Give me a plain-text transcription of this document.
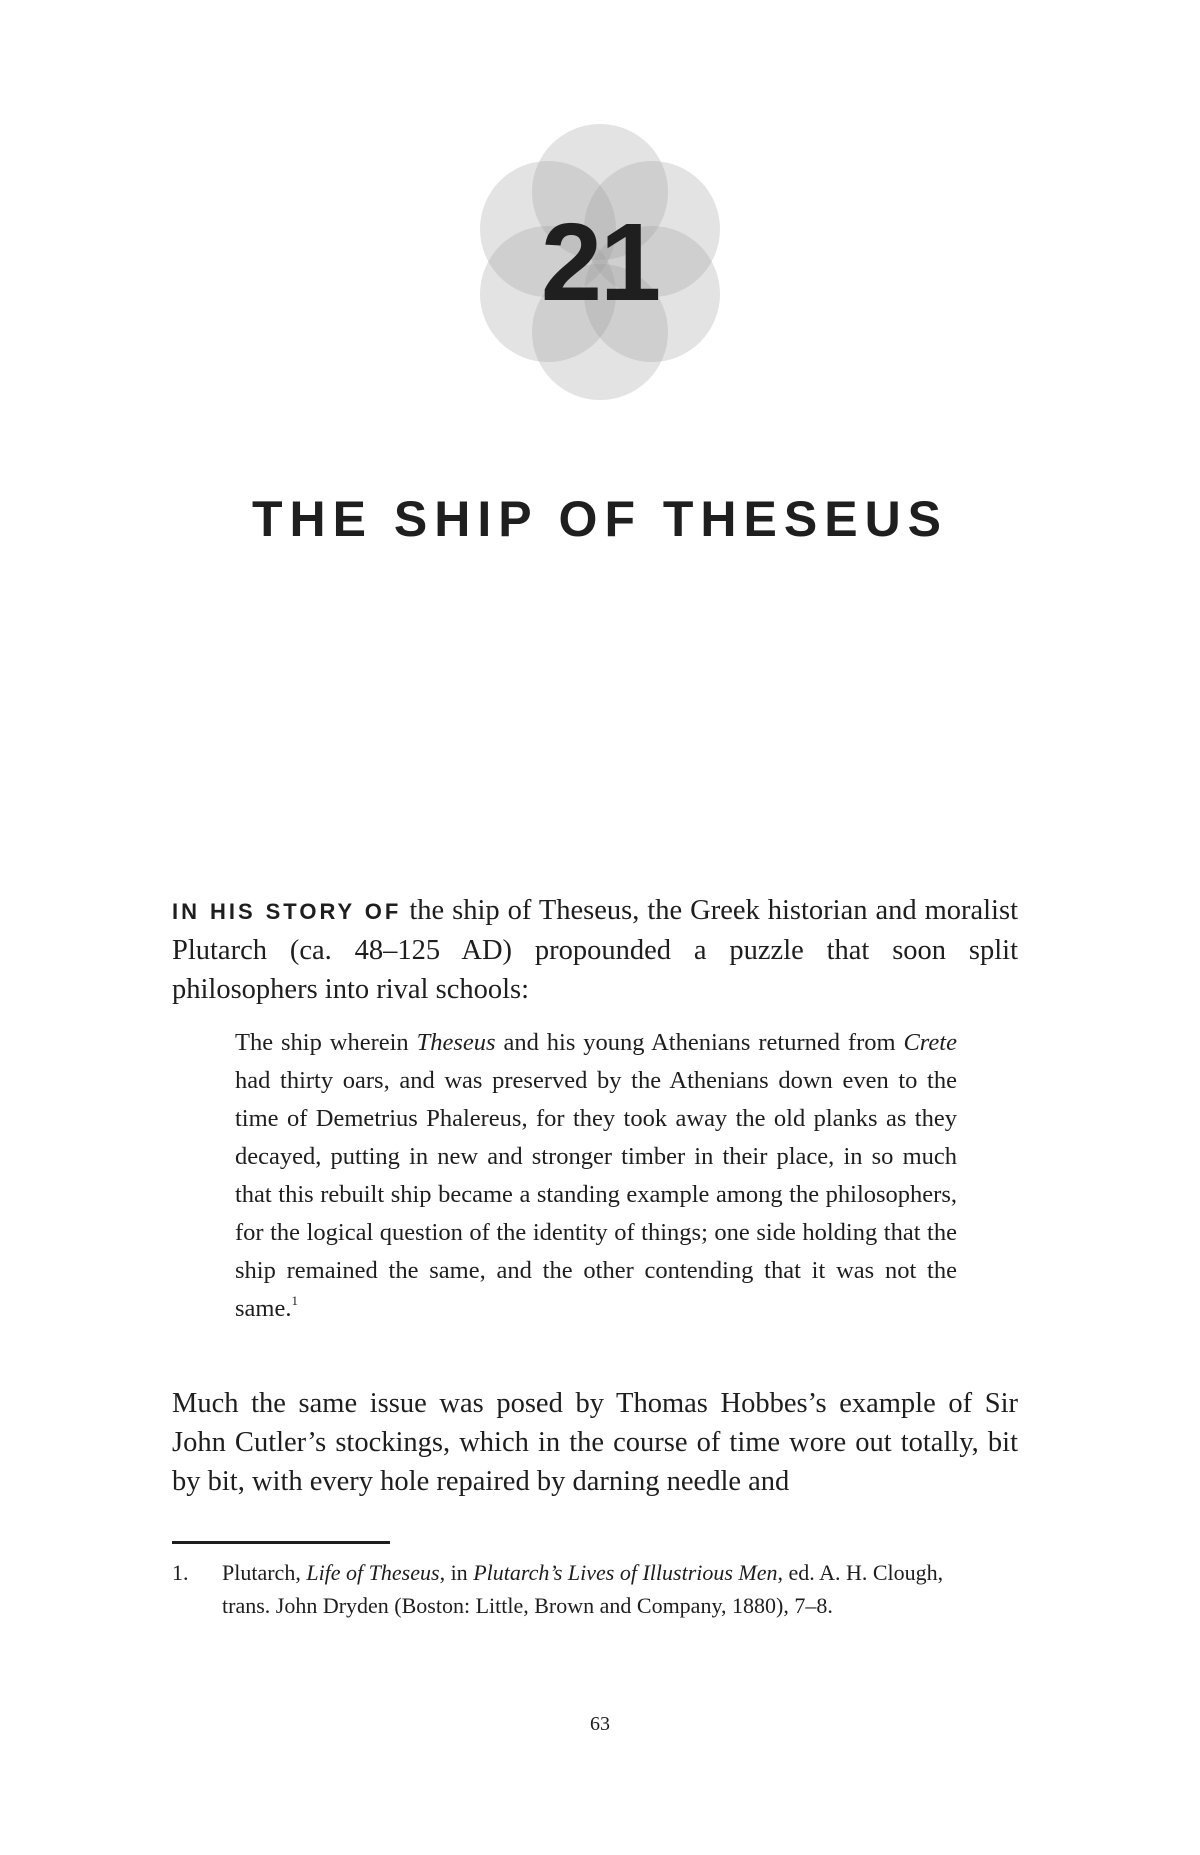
21
THE SHIP OF THESEUS

IN HIS STORY OF the ship of Theseus, the Greek historian and moralist Plutarch (ca. 48–125 AD) propounded a puzzle that soon split philosophers into rival schools:

The ship wherein Theseus and his young Athenians returned from Crete had thirty oars, and was preserved by the Athenians down even to the time of Demetrius Phalereus, for they took away the old planks as they decayed, putting in new and stronger timber in their place, in so much that this rebuilt ship became a standing example among the philosophers, for the logical question of the identity of things; one side holding that the ship remained the same, and the other contending that it was not the same.$^1$

Much the same issue was posed by Thomas Hobbes’s example of Sir John Cutler’s stockings, which in the course of time wore out totally, bit by bit, with every hole repaired by darning needle and

1.	Plutarch, Life of Theseus, in Plutarch’s Lives of Illustrious Men, ed. A. H. Clough,
trans. John Dryden (Boston: Little, Brown and Company, 1880), 7–8.

63
